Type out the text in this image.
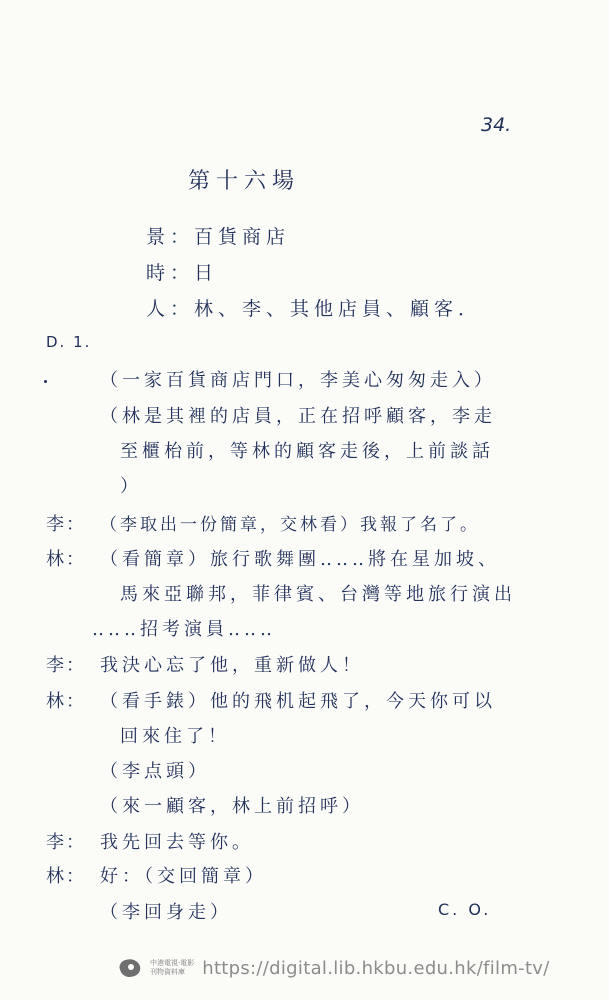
34.
第十六場
景：百貨商店
時：日
人：林、李、其他店員、顧客．
D. 1.
（一家百貨商店門口，李美心匆匆走入）
（林是其裡的店員，正在招呼顧客，李走
至櫃枱前，等林的顧客走後，上前談話
）
李： （李取出一份簡章，交林看）我報了名了。
林： （看簡章）旅行歌舞團‥‥‥將在星加坡、
馬來亞聯邦，菲律賓、台灣等地旅行演出
‥‥‥招考演員‥‥‥
李： 我決心忘了他，重新做人！
林： （看手錶）他的飛机起飛了，今天你可以
回來住了！
（李点頭）
（來一顧客，林上前招呼）
李： 我先回去等你。
林： 好：（交回簡章）
（李回身走）	C. O.
中港電視‧電影
刊物資料庫 https://digital.lib.hkbu.edu.hk/film-tv/
